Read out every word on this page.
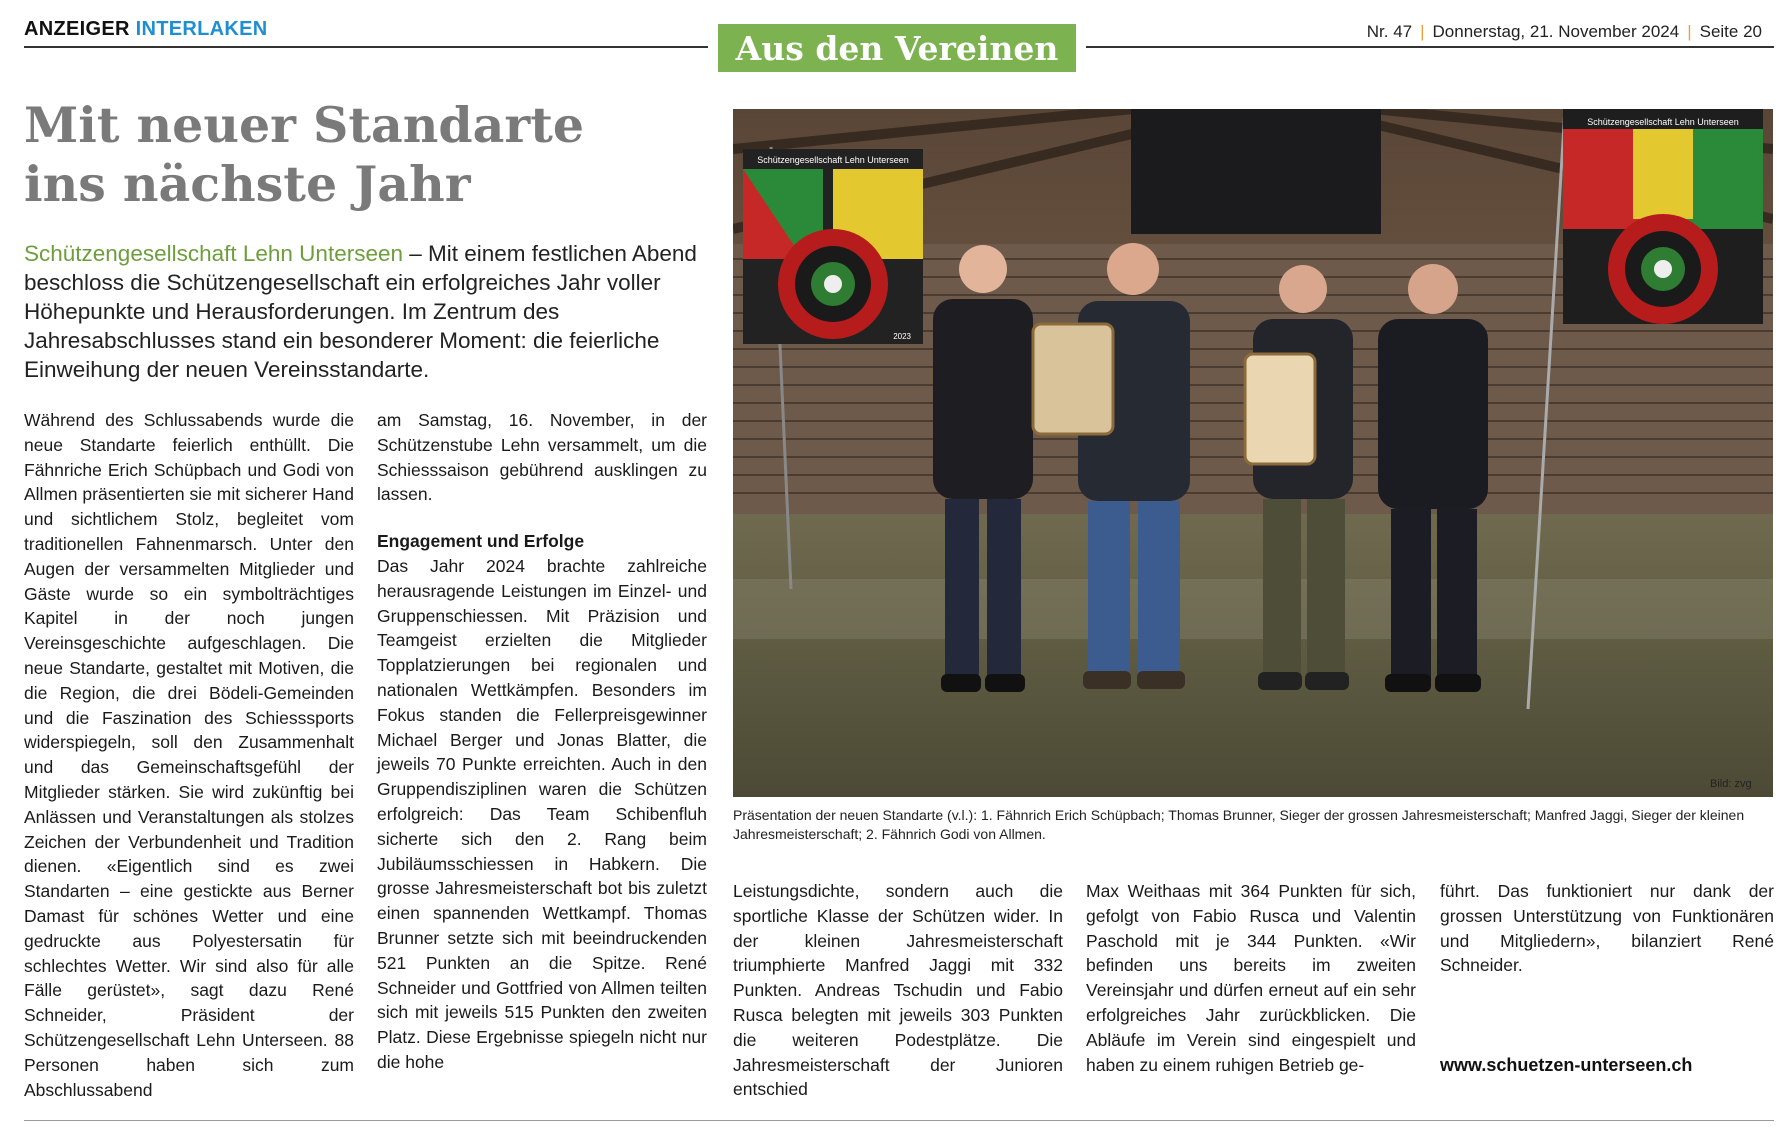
ANZEIGER INTERLAKEN	Aus den Vereinen	Nr. 47 | Donnerstag, 21. November 2024 | Seite 20
Mit neuer Standarte
ins nächste Jahr
Schützengesellschaft Lehn Unterseen – Mit einem festlichen Abend beschloss die Schützengesellschaft ein erfolgreiches Jahr voller Höhepunkte und Herausforderungen. Im Zentrum des Jahresabschlusses stand ein besonderer Moment: die feierliche Einweihung der neuen Vereinsstandarte.

Während des Schlussabends wurde die neue Standarte feierlich enthüllt. Die Fähnriche Erich Schüpbach und Godi von Allmen präsentierten sie mit sicherer Hand und sichtlichem Stolz, begleitet vom traditionellen Fahnenmarsch. Unter den Augen der versammelten Mitglieder und Gäste wurde so ein symbolträchtiges Kapitel in der noch jungen Vereinsgeschichte aufgeschlagen. Die neue Standarte, gestaltet mit Motiven, die die Region, die drei Bödeli-Gemeinden und die Faszination des Schiesssports widerspiegeln, soll den Zusammenhalt und das Gemeinschaftsgefühl der Mitglieder stärken. Sie wird zukünftig bei Anlässen und Veranstaltungen als stolzes Zeichen der Verbundenheit und Tradition dienen. «Eigentlich sind es zwei Standarten – eine gestickte aus Berner Damast für schönes Wetter und eine gedruckte aus Polyestersatin für schlechtes Wetter. Wir sind also für alle Fälle gerüstet», sagt dazu René Schneider, Präsident der Schützengesellschaft Lehn Unterseen. 88 Personen haben sich zum Abschlussabend

am Samstag, 16. November, in der Schützenstube Lehn versammelt, um die Schiesssaison gebührend ausklingen zu lassen.

Engagement und Erfolge

Das Jahr 2024 brachte zahlreiche herausragende Leistungen im Einzel- und Gruppenschiessen. Mit Präzision und Teamgeist erzielten die Mitglieder Topplatzierungen bei regionalen und nationalen Wettkämpfen. Besonders im Fokus standen die Fellerpreisgewinner Michael Berger und Jonas Blatter, die jeweils 70 Punkte erreichten. Auch in den Gruppendisziplinen waren die Schützen erfolgreich: Das Team Schibenfluh sicherte sich den 2. Rang beim Jubiläumsschiessen in Habkern. Die grosse Jahresmeisterschaft bot bis zuletzt einen spannenden Wettkampf. Thomas Brunner setzte sich mit beeindruckenden 521 Punkten an die Spitze. René Schneider und Gottfried von Allmen teilten sich mit jeweils 515 Punkten den zweiten Platz. Diese Ergebnisse spiegeln nicht nur die hohe

Leistungsdichte, sondern auch die sportliche Klasse der Schützen wider. In der kleinen Jahresmeisterschaft triumphierte Manfred Jaggi mit 332 Punkten. Andreas Tschudin und Fabio Rusca belegten mit jeweils 303 Punkten die weiteren Podestplätze. Die Jahresmeisterschaft der Junioren entschied

Max Weithaas mit 364 Punkten für sich, gefolgt von Fabio Rusca und Valentin Paschold mit je 344 Punkten. «Wir befinden uns bereits im zweiten Vereinsjahr und dürfen erneut auf ein sehr erfolgreiches Jahr zurückblicken. Die Abläufe im Verein sind eingespielt und haben zu einem ruhigen Betrieb ge-

führt. Das funktioniert nur dank der grossen Unterstützung von Funktionären und Mitgliedern», bilanziert René Schneider.

www.schuetzen-unterseen.ch
Schützengesellschaft Lehn Unterseen
2023
Schützengesellschaft Lehn Unterseen
Bild: zvg
Präsentation der neuen Standarte (v.l.): 1. Fähnrich Erich Schüpbach; Thomas Brunner, Sieger der grossen Jahresmeisterschaft; Manfred Jaggi, Sieger der kleinen Jahresmeisterschaft; 2. Fähnrich Godi von Allmen.
